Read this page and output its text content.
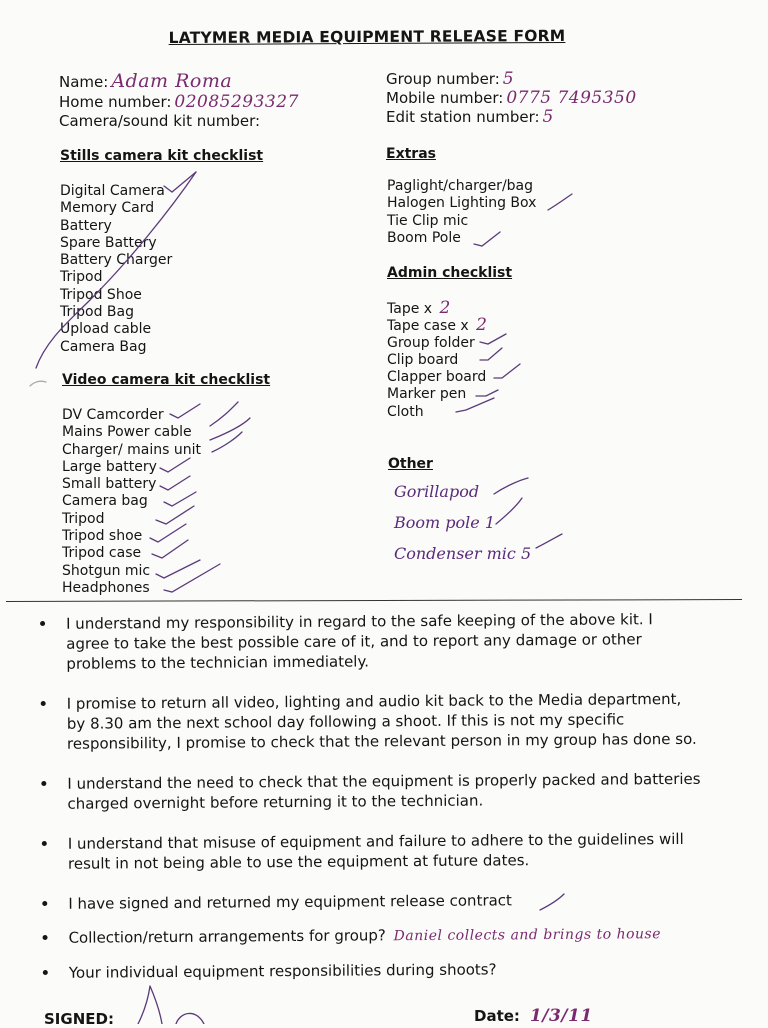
LATYMER MEDIA EQUIPMENT RELEASE FORM
Name: Adam Roma
Home number: 02085293327
Camera/sound kit number:
Group number: 5
Mobile number: 0775 7495350
Edit station number: 5
Stills camera kit checklist
Digital Camera
Memory Card
Battery
Spare Battery
Battery Charger
Tripod
Tripod Shoe
Tripod Bag
Upload cable
Camera Bag
Video camera kit checklist
DV Camcorder
Mains Power cable
Charger/ mains unit
Large battery
Small battery
Camera bag
Tripod
Tripod shoe
Tripod case
Shotgun mic
Headphones
Extras
Paglight/charger/bag
Halogen Lighting Box
Tie Clip mic
Boom Pole
Admin checklist
Tape x 2
Tape case x 2
Group folder
Clip board
Clapper board
Marker pen
Cloth
Other
Gorillapod
Boom pole 1
Condenser mic 5
I understand my responsibility in regard to the safe keeping of the above kit. I agree to take the best possible care of it, and to report any damage or other problems to the technician immediately.
I promise to return all video, lighting and audio kit back to the Media department, by 8.30 am the next school day following a shoot. If this is not my specific responsibility, I promise to check that the relevant person in my group has done so.
I understand the need to check that the equipment is properly packed and batteries charged overnight before returning it to the technician.
I understand that misuse of equipment and failure to adhere to the guidelines will result in not being able to use the equipment at future dates.
I have signed and returned my equipment release contract
Collection/return arrangements for group? Daniel collects and brings to house
Your individual equipment responsibilities during shoots?
SIGNED:	Date: 1/3/11
